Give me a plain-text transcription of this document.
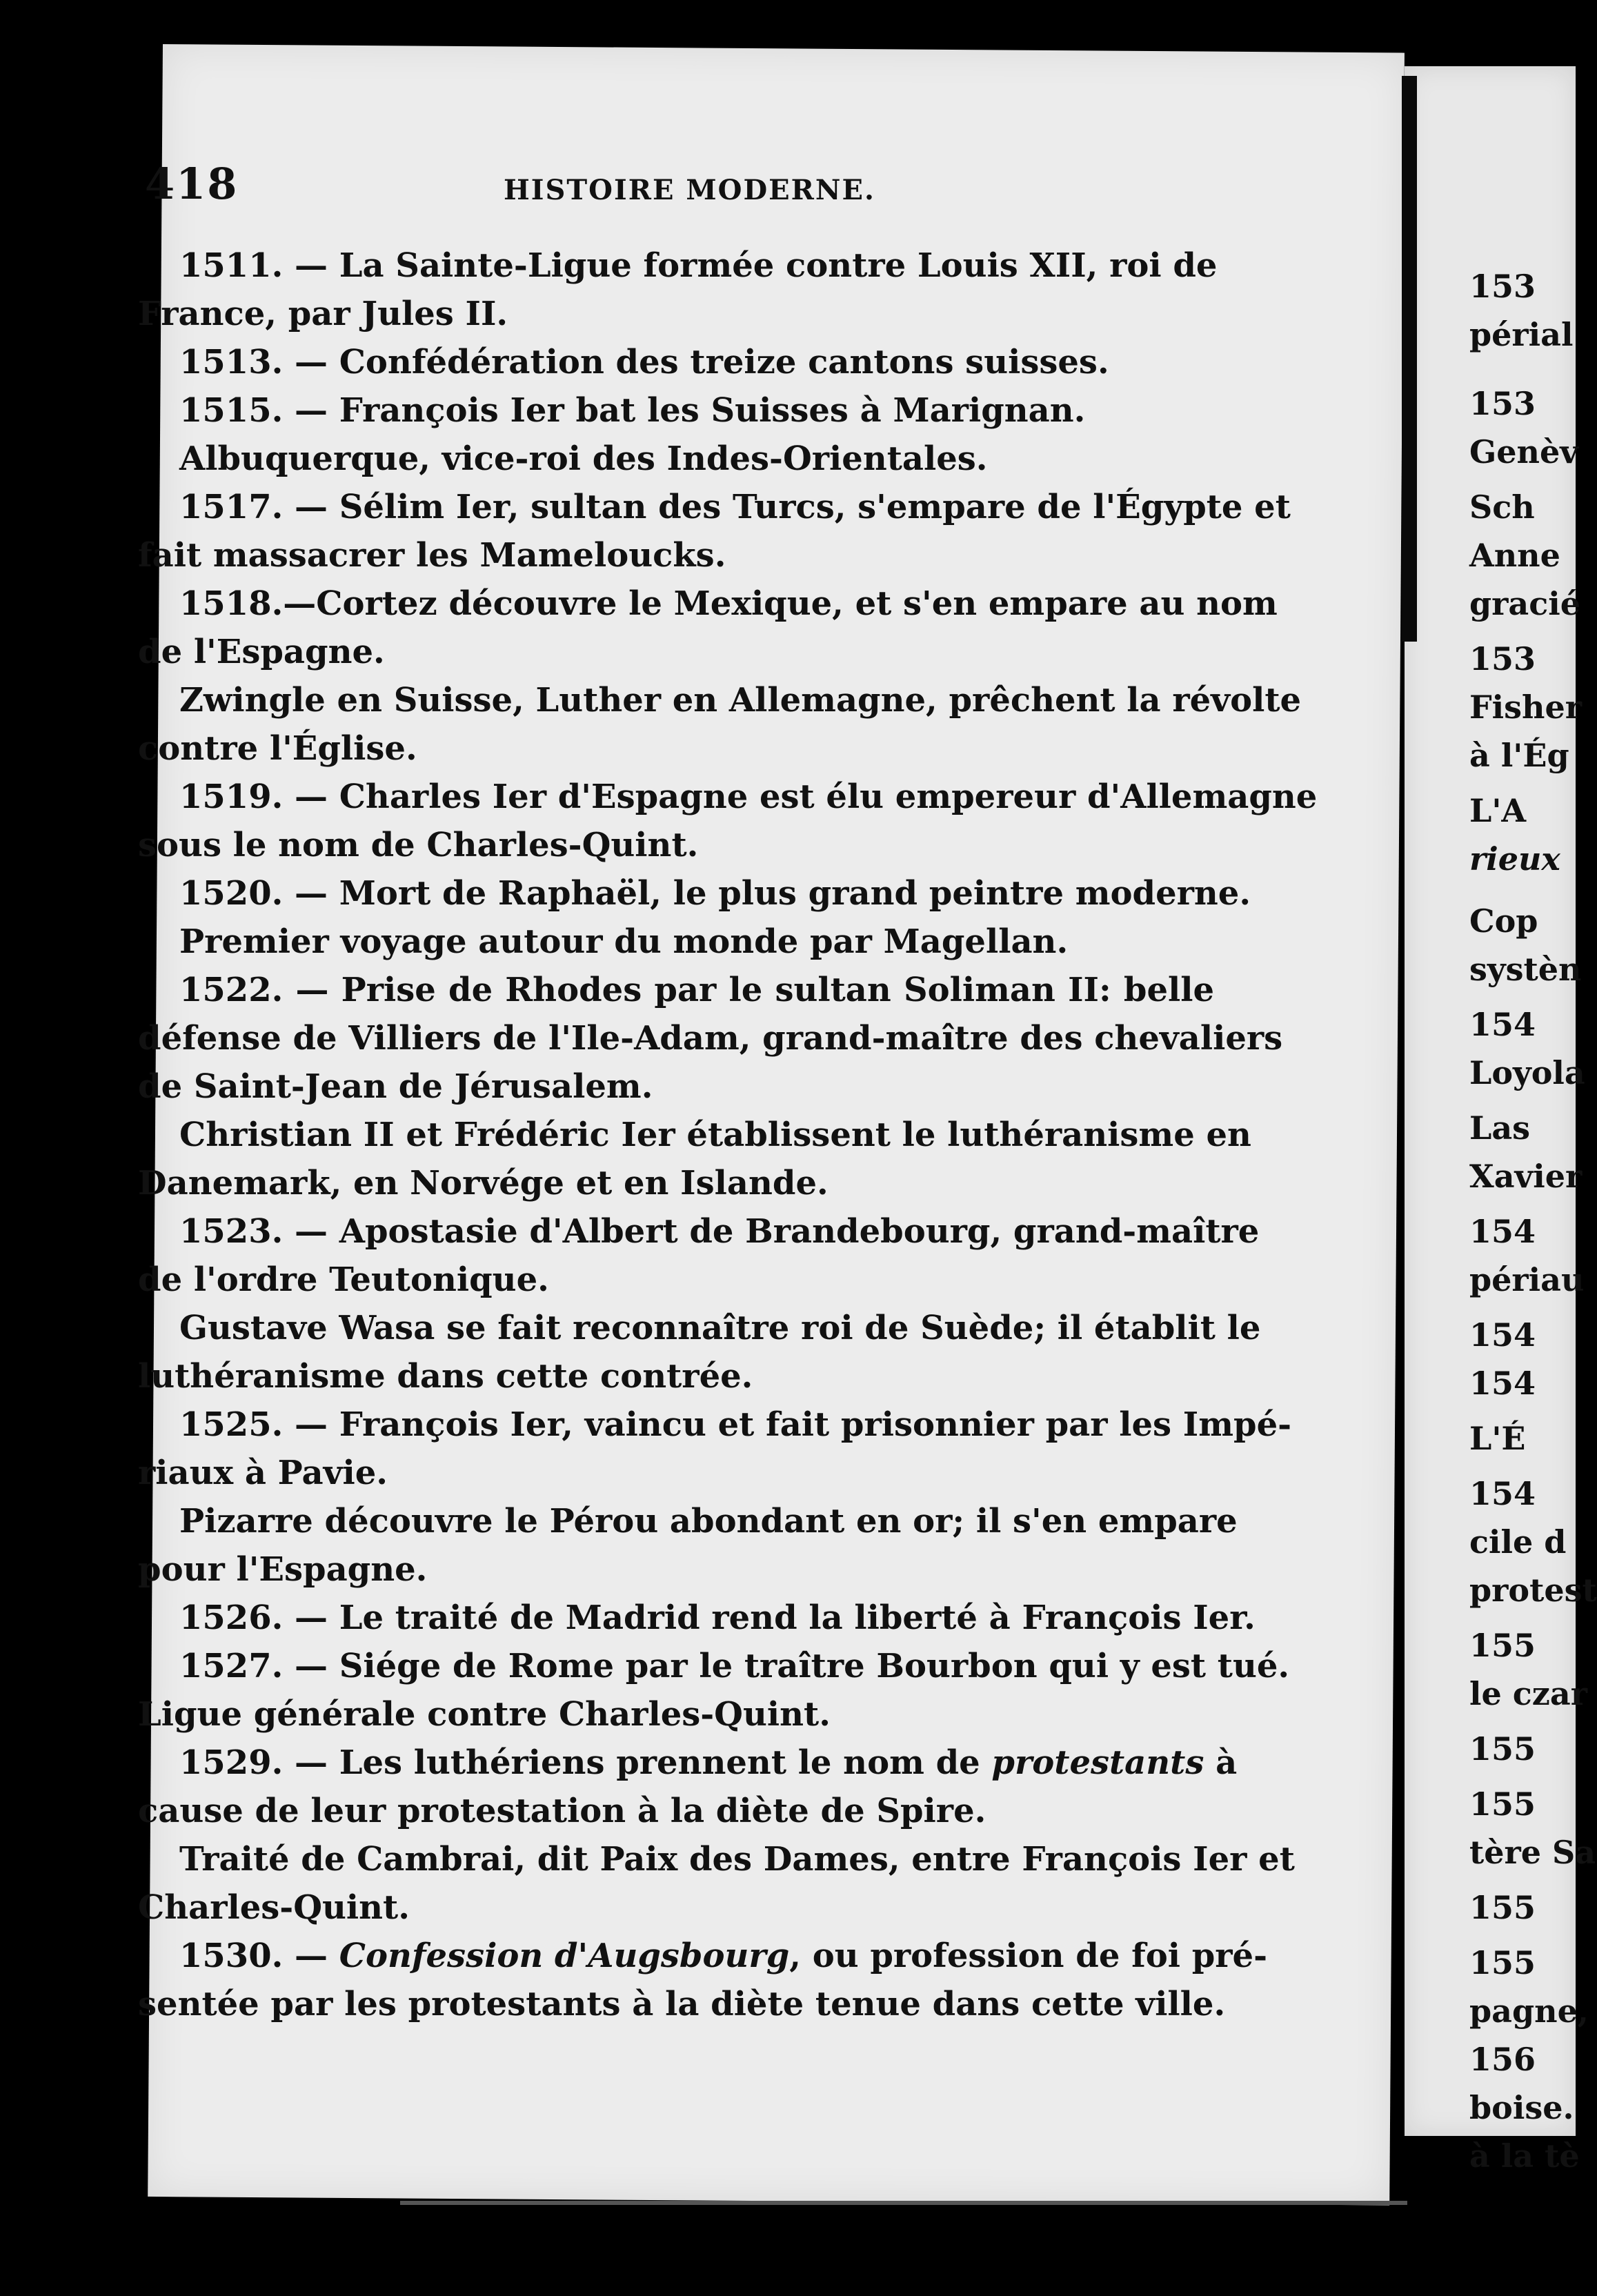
418	HISTOIRE MODERNE.
1511. — La Sainte-Ligue formée contre Louis XII, roi de
France, par Jules II.
1513. — Confédération des treize cantons suisses.
1515. — François Ier bat les Suisses à Marignan.
Albuquerque, vice-roi des Indes-Orientales.
1517. — Sélim Ier, sultan des Turcs, s'empare de l'Égypte et
fait massacrer les Mameloucks.
1518.—Cortez découvre le Mexique, et s'en empare au nom
de l'Espagne.
Zwingle en Suisse, Luther en Allemagne, prêchent la révolte
contre l'Église.
1519. — Charles Ier d'Espagne est élu empereur d'Allemagne
sous le nom de Charles-Quint.
1520. — Mort de Raphaël, le plus grand peintre moderne.
Premier voyage autour du monde par Magellan.
1522. — Prise de Rhodes par le sultan Soliman II: belle
défense de Villiers de l'Ile-Adam, grand-maître des chevaliers
de Saint-Jean de Jérusalem.
Christian II et Frédéric Ier établissent le luthéranisme en
Danemark, en Norvége et en Islande.
1523. — Apostasie d'Albert de Brandebourg, grand-maître
de l'ordre Teutonique.
Gustave Wasa se fait reconnaître roi de Suède; il établit le
luthéranisme dans cette contrée.
1525. — François Ier, vaincu et fait prisonnier par les Impé-
riaux à Pavie.
Pizarre découvre le Pérou abondant en or; il s'en empare
pour l'Espagne.
1526. — Le traité de Madrid rend la liberté à François Ier.
1527. — Siége de Rome par le traître Bourbon qui y est tué.
Ligue générale contre Charles-Quint.
1529. — Les luthériens prennent le nom de protestants à
cause de leur protestation à la diète de Spire.
Traité de Cambrai, dit Paix des Dames, entre François Ier et
Charles-Quint.
1530. — Confession d'Augsbourg, ou profession de foi pré-
sentée par les protestants à la diète tenue dans cette ville.
153
périal
153
Genèv
Sch
Anne
gracié
153
Fisher
à l'Ég
L'A
rieux
Cop
systèn
154
Loyola
Las
Xavier
154
périau
154
154
L'É
154
cile d
protest
155
le czar
155
155
tère Sa
155
155
pagne,
156
boise.
à la tè
